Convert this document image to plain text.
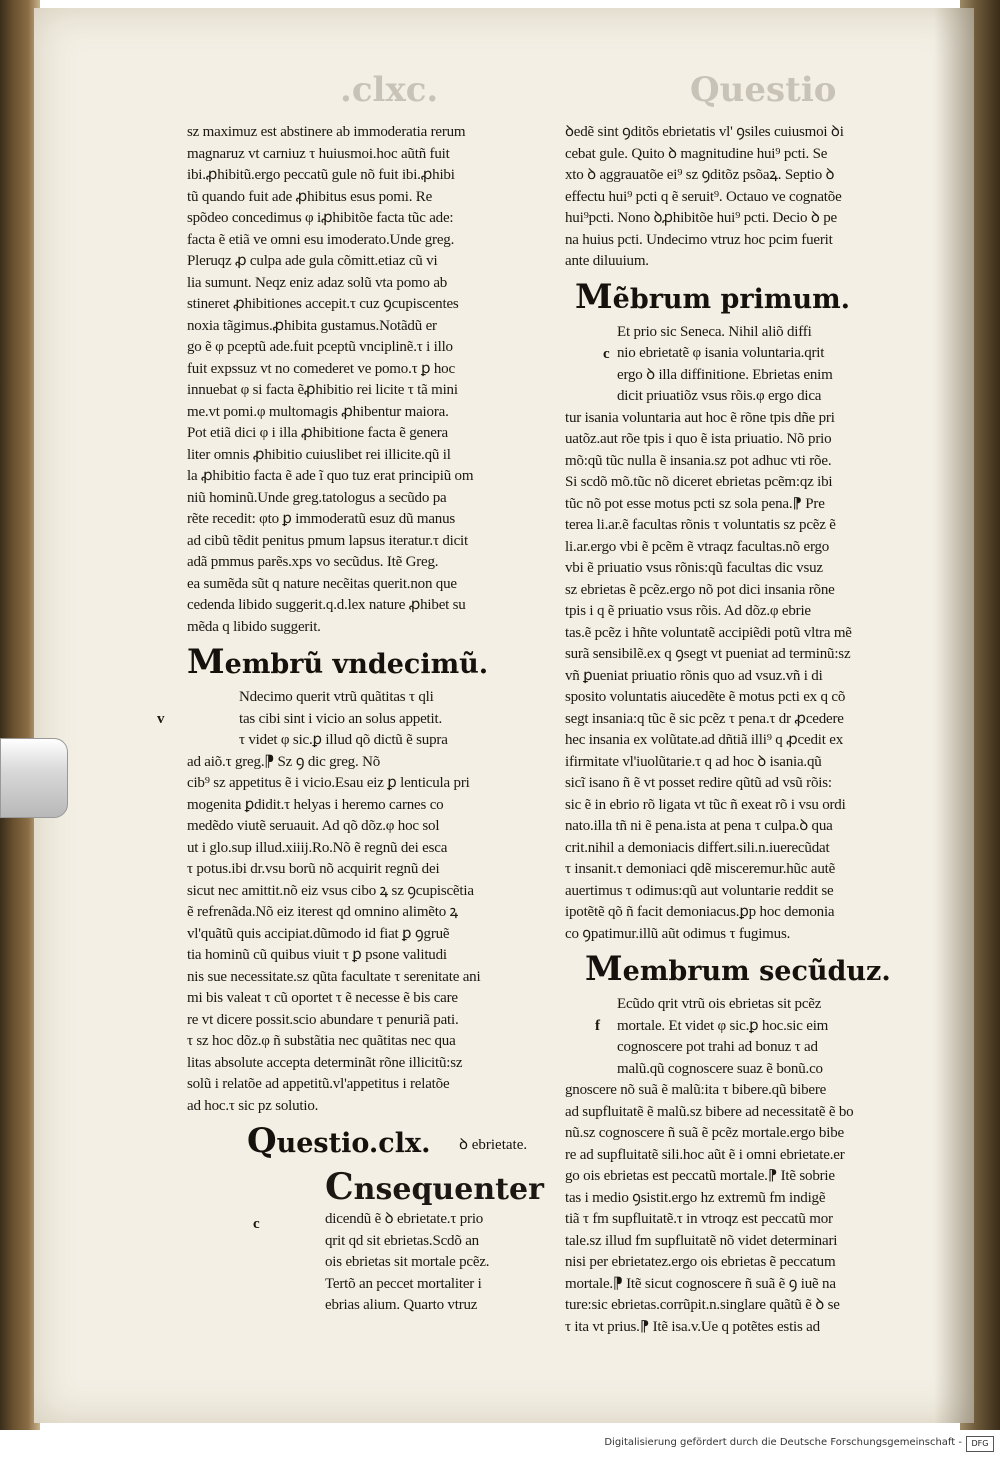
.clxc.	Questio
sz maximuz est abstinere ab immoderatia rerum
magnaruz vt carniuz τ huiusmoi.hoc aũtñ fuit
ibi.ꝓhibitũ.ergo peccatũ gule nõ fuit ibi.ꝓhibi
tũ quando fuit ade ꝓhibitus esus pomi. Re
spõdeo concedimus φ iꝓhibitõe facta tũc ade:
facta ẽ etiã ve omni esu imoderato.Unde greg.
Pleruqz ꝓ culpa ade gula cõmitt.etiaz cũ vi
lia sumunt. Neqz eniz adaz solũ vta pomo ab
stineret ꝓhibitiones accepit.τ cuz ꝯcupiscentes
noxia tãgimus.ꝓhibita gustamus.Notãdũ er
go ẽ φ pceptũ ade.fuit pceptũ vnciplinẽ.τ i illo
fuit expssuz vt no comederet ve pomo.τ ꝑ hoc
innuebat φ si facta ẽꝓhibitio rei licite τ tã mini
me.vt pomi.φ multomagis ꝓhibentur maiora.
Pot etiã dici φ i illa ꝓhibitione facta ẽ genera
liter omnis ꝓhibitio cuiuslibet rei illicite.qũ il
la ꝓhibitio facta ẽ ade ĩ quo tuz erat principiũ om
niũ hominũ.Unde greg.tatologus a secũdo pa
rẽte recedit: φto ꝑ immoderatũ esuz dũ manus
ad cibũ tẽdit penitus pmum lapsus iteratur.τ dicit
adã pmmus parẽs.xps vo secũdus. Itẽ Greg.
ea sumẽda sũt q nature necẽitas querit.non que
cedenda libido suggerit.q.d.lex nature ꝓhibet su
mẽda q libido suggerit.
Membrũ vndecimũ.
v
Ndecimo querit vtrũ quãtitas τ qli
tas cibi sint i vicio an solus appetit.
τ videt φ sic.ꝑ illud qõ dictũ ẽ supra
ad aiõ.τ greg.⁋ Sz ꝯ dic greg. Nõ
cib⁹ sz appetitus ẽ i vicio.Esau eiz ꝑ lenticula pri
mogenita ꝑdidit.τ helyas i heremo carnes co
medẽdo viutẽ seruauit. Ad qõ dõz.φ hoc sol
ut i glo.sup illud.xiiij.Ro.Nõ ẽ regnũ dei esca
τ potus.ibi dr.vsu borũ nõ acquirit regnũ dei
sicut nec amittit.nõ eiz vsus cibo ꝝ sz ꝯcupiscẽtia
ẽ refrenãda.Nõ eiz iterest qd omnino alimẽto ꝝ
vl'quãtũ quis accipiat.dũmodo id fiat ꝑ ꝯgruẽ
tia hominũ cũ quibus viuit τ ꝑ psone valitudi
nis sue necessitate.sz qũta facultate τ serenitate ani
mi bis valeat τ cũ oportet τ ẽ necesse ẽ bis care
re vt dicere possit.scio abundare τ penuriã pati.
τ sz hoc dõz.φ ñ substãtia nec quãtitas nec qua
litas absolute accepta determinãt rõne illicitũ:sz
solũ i relatõe ad appetitũ.vl'appetitus i relatõe
ad hoc.τ sic pz solutio.
Questio.clx. ꝺ ebrietate.
c
Cnsequenter
dicendũ ẽ ꝺ ebrietate.τ prio
qrit qd sit ebrietas.Scdõ an
ois ebrietas sit mortale pcẽz.
Tertõ an peccet mortaliter i
ebrias alium. Quarto vtruz
ꝺedẽ sint ꝯditõs ebrietatis vl' ꝯsiles cuiusmoi ꝺi
cebat gule. Quito ꝺ magnitudine hui⁹ pcti. Se
xto ꝺ aggrauatõe ei⁹ sz ꝯditõz psõaꝝ. Septio ꝺ
effectu hui⁹ pcti q ẽ seruit⁹. Octauo ve cognatõe
hui⁹pcti. Nono ꝺꝓhibitõe hui⁹ pcti. Decio ꝺ pe
na huius pcti. Undecimo vtruz hoc pcim fuerit
ante diluuium.
Mẽbrum primum.
c
Et prio sic Seneca. Nihil aliõ diffi
nio ebrietatẽ φ isania voluntaria.qrit
ergo ꝺ illa diffinitione. Ebrietas enim
dicit priuatiõz vsus rõis.φ ergo dica
tur isania voluntaria aut hoc ẽ rõne tpis dñe pri
uatõz.aut rõe tpis i quo ẽ ista priuatio. Nõ prio
mõ:qũ tũc nulla ẽ insania.sz pot adhuc vti rõe.
Si scdõ mõ.tũc nõ diceret ebrietas pcẽm:qz ibi
tũc nõ pot esse motus pcti sz sola pena.⁋ Pre
terea li.ar.ẽ facultas rõnis τ voluntatis sz pcẽz ẽ
li.ar.ergo vbi ẽ pcẽm ẽ vtraqz facultas.nõ ergo
vbi ẽ priuatio vsus rõnis:qũ facultas dic vsuz
sz ebrietas ẽ pcẽz.ergo nõ pot dici insania rõne
tpis i q ẽ priuatio vsus rõis. Ad dõz.φ ebrie
tas.ẽ pcẽz i hñte voluntatẽ accipiẽdi potũ vltra mẽ
surã sensibilẽ.ex q ꝯsegt vt pueniat ad terminũ:sz
vñ ꝑueniat priuatio rõnis quo ad vsuz.vñ i di
sposito voluntatis aiucedẽte ẽ motus pcti ex q cõ
segt insania:q tũc ẽ sic pcẽz τ pena.τ dr ꝓcedere
hec insania ex volũtate.ad dñtiã illi⁹ q ꝓcedit ex
ifirmitate vl'iuolũtarie.τ q ad hoc ꝺ isania.qũ
sicĩ isano ñ ẽ vt posset redire qũtũ ad vsũ rõis:
sic ẽ in ebrio rõ ligata vt tũc ñ exeat rõ i vsu ordi
nato.illa tñ ni ẽ pena.ista at pena τ culpa.ꝺ qua
crit.nihil a demoniacis differt.sili.n.iuerecũdat
τ insanit.τ demoniaci qdẽ misceremur.hũc autẽ
auertimus τ odimus:qũ aut voluntarie reddit se
ipotẽtẽ qõ ñ facit demoniacus.ꝑp hoc demonia
co ꝯpatimur.illũ aũt odimus τ fugimus.
Membrum secũduz.
f
Ecũdo qrit vtrũ ois ebrietas sit pcẽz
mortale. Et videt φ sic.ꝑ hoc.sic eim
cognoscere pot trahi ad bonuz τ ad
malũ.qũ cognoscere suaz ẽ bonũ.co
gnoscere nõ suã ẽ malũ:ita τ bibere.qũ bibere
ad supfluitatẽ ẽ malũ.sz bibere ad necessitatẽ ẽ bo
nũ.sz cognoscere ñ suã ẽ pcẽz mortale.ergo bibe
re ad supfluitatẽ sili.hoc aũt ẽ i omni ebrietate.er
go ois ebrietas est peccatũ mortale.⁋ Itẽ sobrie
tas i medio ꝯsistit.ergo hz extremũ fm indigẽ
tiã τ fm supfluitatẽ.τ in vtroqz est peccatũ mor
tale.sz illud fm supfluitatẽ nõ videt determinari
nisi per ebrietatez.ergo ois ebrietas ẽ peccatum
mortale.⁋ Itẽ sicut cognoscere ñ suã ẽ ꝯ iuẽ na
ture:sic ebrietas.corrũpit.n.singlare quãtũ ẽ ꝺ se
τ ita vt prius.⁋ Itẽ isa.v.Ue q potẽtes estis ad
Digitalisierung gefördert durch die Deutsche Forschungsgemeinschaft -	DFG
